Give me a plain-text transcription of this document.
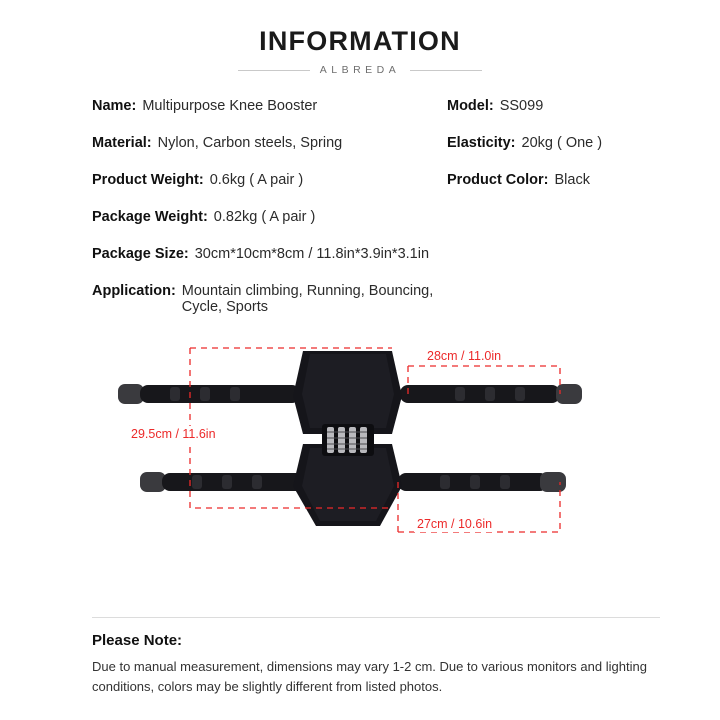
INFORMATION
ALBREDA
Name: Multipurpose Knee Booster	Model: SS099
Material: Nylon, Carbon steels, Spring	Elasticity: 20kg ( One )
Product Weight: 0.6kg ( A pair )	Product Color: Black
Package Weight: 0.82kg ( A pair )
Package Size: 30cm*10cm*8cm / 11.8in*3.9in*3.1in
Application: Mountain climbing, Running, Bouncing, Cycle, Sports
28cm / 11.0in
29.5cm / 11.6in
27cm / 10.6in
Please Note:
Due to manual measurement, dimensions may vary 1-2 cm. Due to various monitors and lighting conditions, colors may be slightly different from listed photos.
